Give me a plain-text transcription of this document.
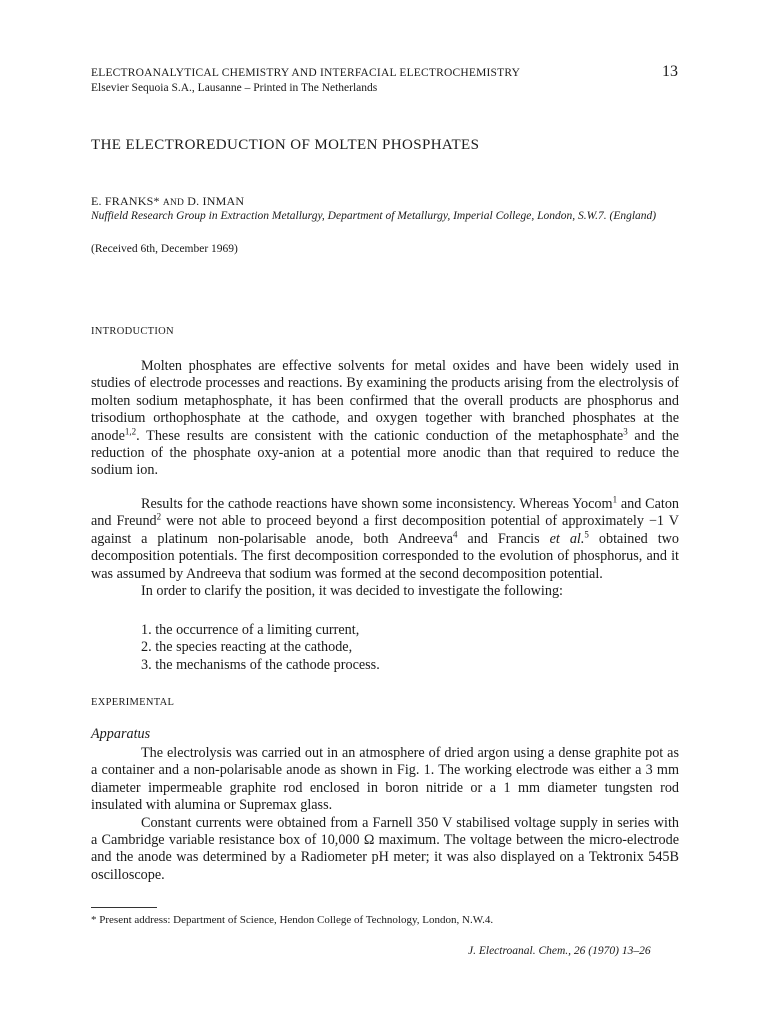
ELECTROANALYTICAL CHEMISTRY AND INTERFACIAL ELECTROCHEMISTRY
Elsevier Sequoia S.A., Lausanne – Printed in The Netherlands
13
THE ELECTROREDUCTION OF MOLTEN PHOSPHATES
E. FRANKS* AND D. INMAN
Nuffield Research Group in Extraction Metallurgy, Department of Metallurgy, Imperial College, London, S.W.7. (England)
(Received 6th, December 1969)
INTRODUCTION

Molten phosphates are effective solvents for metal oxides and have been widely used in studies of electrode processes and reactions. By examining the products arising from the electrolysis of molten sodium metaphosphate, it has been confirmed that the overall products are phosphorus and trisodium orthophosphate at the cathode, and oxygen together with branched phosphates at the anode$^{1,2}$. These results are consistent with the cationic conduction of the metaphosphate$^3$ and the reduction of the phosphate oxy-anion at a potential more anodic than that required to reduce the sodium ion.

Results for the cathode reactions have shown some inconsistency. Whereas Yocom$^1$ and Caton and Freund$^2$ were not able to proceed beyond a first decomposition potential of approximately −1 V against a platinum non-polarisable anode, both Andreeva$^4$ and Francis et al.$^5$ obtained two decomposition potentials. The first decomposition corresponded to the evolution of phosphorus, and it was assumed by Andreeva that sodium was formed at the second decomposition potential.

In order to clarify the position, it was decided to investigate the following:

1. the occurrence of a limiting current,
2. the species reacting at the cathode,
3. the mechanisms of the cathode process.
EXPERIMENTAL
Apparatus

The electrolysis was carried out in an atmosphere of dried argon using a dense graphite pot as a container and a non-polarisable anode as shown in Fig. 1. The working electrode was either a 3 mm diameter impermeable graphite rod enclosed in boron nitride or a 1 mm diameter tungsten rod insulated with alumina or Supremax glass.

Constant currents were obtained from a Farnell 350 V stabilised voltage supply in series with a Cambridge variable resistance box of 10,000 Ω maximum. The voltage between the micro-electrode and the anode was determined by a Radiometer pH meter; it was also displayed on a Tektronix 545B oscilloscope.

* Present address: Department of Science, Hendon College of Technology, London, N.W.4.
J. Electroanal. Chem., 26 (1970) 13–26
